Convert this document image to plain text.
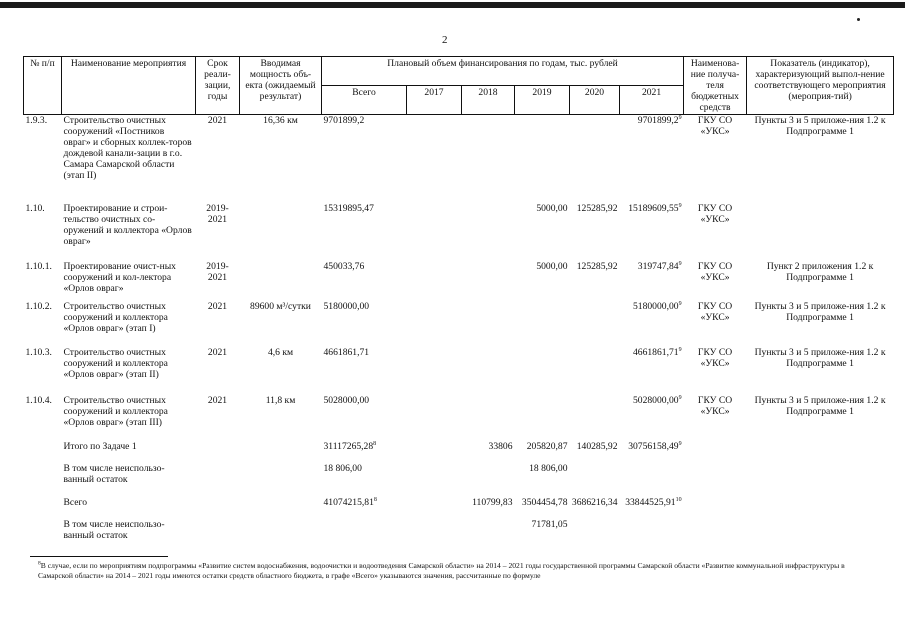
2
№ п/п	Наименование мероприятия	Срок реали-зации, годы	Вводимая мощность объ-екта (ожидаемый результат)	Плановый объем финансирования по годам, тыс. рублей						Наименова-ние получа-теля бюджетных средств	Показатель (индикатор), характеризующий выпол-нение соответствующего мероприятия (мероприя-тий)
				Всего	2017	2018	2019	2020	2021		
1.9.3.	Строительство очистных сооружений «Постников овраг» и сборных коллек-торов дождевой канали-зации в г.о. Самара Самарской области (этап II)	2021	16,36 км	9701899,2					9701899,2$^9$	ГКУ СО «УКС»	Пункты 3 и 5 приложе-ния 1.2 к Подпрограмме 1
1.10.	Проектирование и строи-тельство очистных со-оружений и коллектора «Орлов овраг»	2019-2021		15319895,47			5000,00	125285,92	15189609,55$^9$	ГКУ СО «УКС»	
1.10.1.	Проектирование очист-ных сооружений и кол-лектора «Орлов овраг»	2019-2021		450033,76			5000,00	125285,92	319747,84$^9$	ГКУ СО «УКС»	Пункт 2 приложения 1.2 к Подпрограмме 1
1.10.2.	Строительство очистных сооружений и коллектора «Орлов овраг» (этап I)	2021	89600 м³/сутки	5180000,00					5180000,00$^9$	ГКУ СО «УКС»	Пункты 3 и 5 приложе-ния 1.2 к Подпрограмме 1
1.10.3.	Строительство очистных сооружений и коллектора «Орлов овраг» (этап II)	2021	4,6 км	4661861,71					4661861,71$^9$	ГКУ СО «УКС»	Пункты 3 и 5 приложе-ния 1.2 к Подпрограмме 1
1.10.4.	Строительство очистных сооружений и коллектора «Орлов овраг» (этап III)	2021	11,8 км	5028000,00					5028000,00$^9$	ГКУ СО «УКС»	Пункты 3 и 5 приложе-ния 1.2 к Подпрограмме 1
	Итого по Задаче 1			31117265,28$^8$		33806	205820,87	140285,92	30756158,49$^9$		
	В том числе неиспользо-ванный остаток			18 806,00			18 806,00				
	Всего			41074215,81$^8$		110799,83	3504454,78	3686216,34	33844525,91$^{10}$		
	В том числе неиспользо-ванный остаток						71781,05				
$^8$В случае, если по мероприятиям подпрограммы «Развитие систем водоснабжения, водоочистки и водоотведения Самарской области» на 2014 – 2021 годы государственной программы Самарской области «Развитие коммунальной инфраструктуры в Самарской области» на 2014 – 2021 годы имеются остатки средств областного бюджета, в графе «Всего» указываются значения, рассчитанные по формуле
